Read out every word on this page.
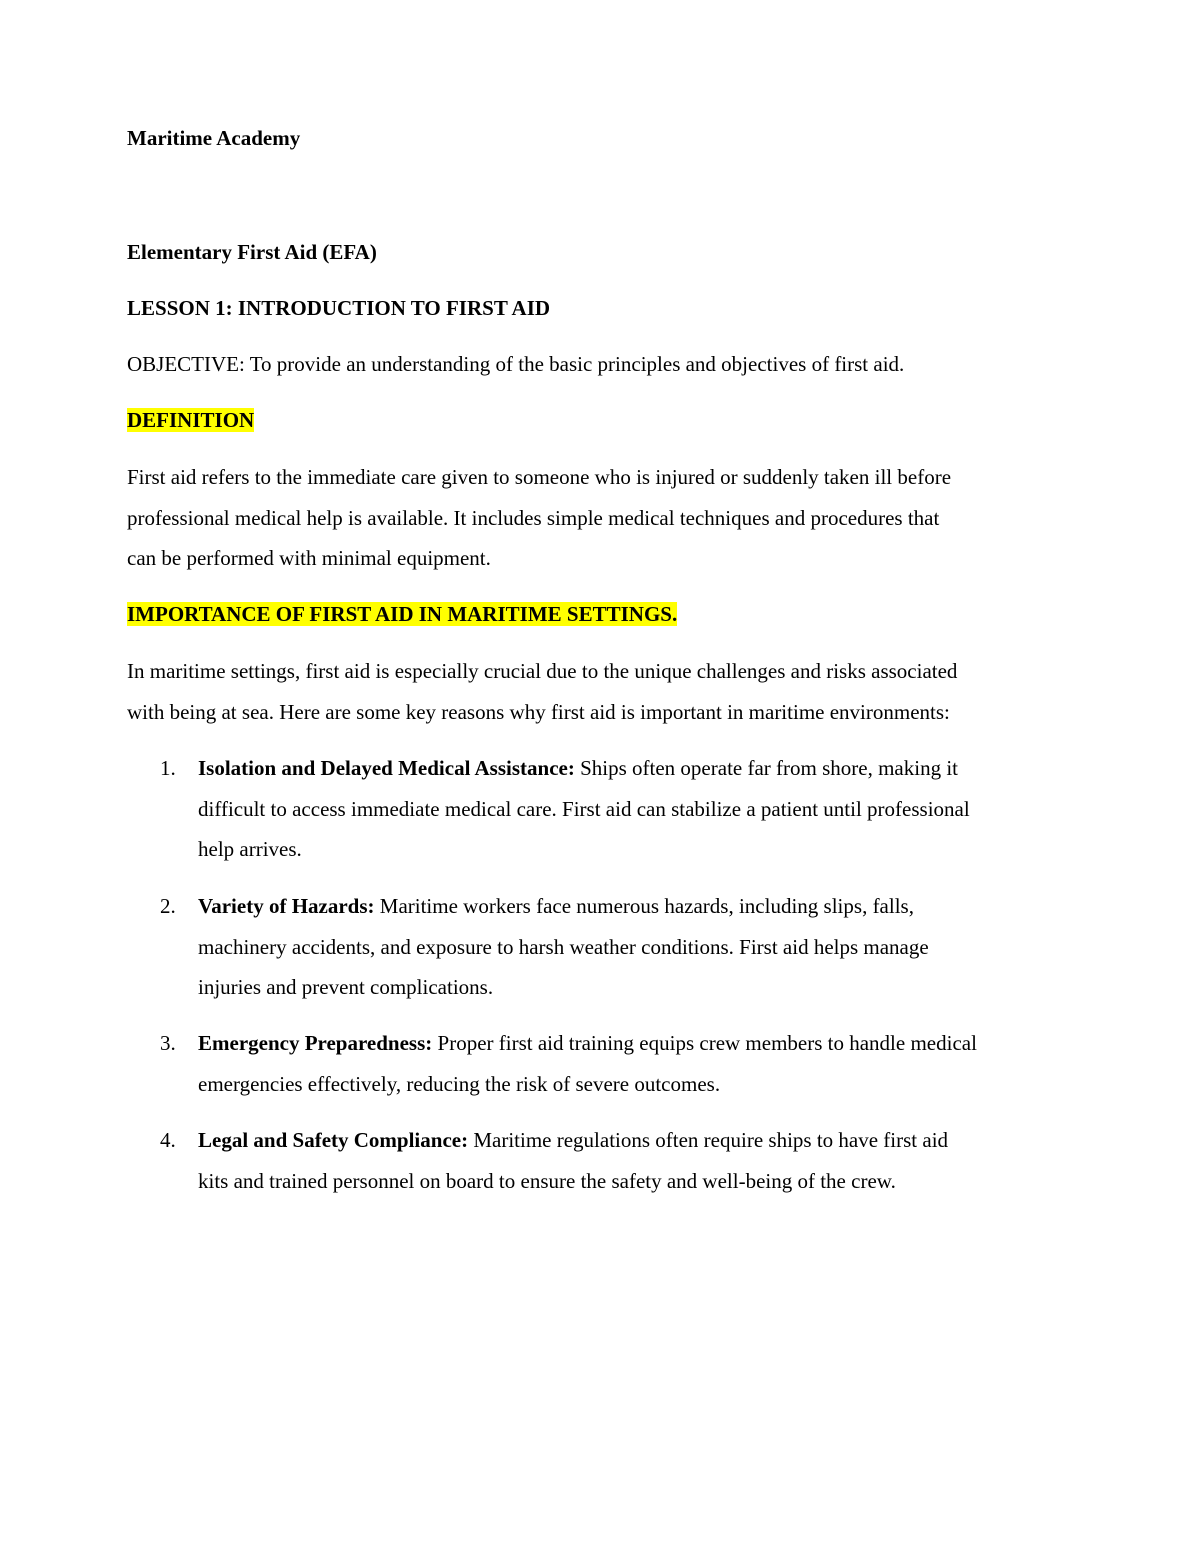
Maritime Academy
Elementary First Aid (EFA)
LESSON 1: INTRODUCTION TO FIRST AID
OBJECTIVE: To provide an understanding of the basic principles and objectives of first aid.
DEFINITION
First aid refers to the immediate care given to someone who is injured or suddenly taken ill before
professional medical help is available. It includes simple medical techniques and procedures that
can be performed with minimal equipment.
IMPORTANCE OF FIRST AID IN MARITIME SETTINGS.
In maritime settings, first aid is especially crucial due to the unique challenges and risks associated
with being at sea. Here are some key reasons why first aid is important in maritime environments:
1. Isolation and Delayed Medical Assistance: Ships often operate far from shore, making it
difficult to access immediate medical care. First aid can stabilize a patient until professional
help arrives.
2. Variety of Hazards: Maritime workers face numerous hazards, including slips, falls,
machinery accidents, and exposure to harsh weather conditions. First aid helps manage
injuries and prevent complications.
3. Emergency Preparedness: Proper first aid training equips crew members to handle medical
emergencies effectively, reducing the risk of severe outcomes.
4. Legal and Safety Compliance: Maritime regulations often require ships to have first aid
kits and trained personnel on board to ensure the safety and well-being of the crew.
